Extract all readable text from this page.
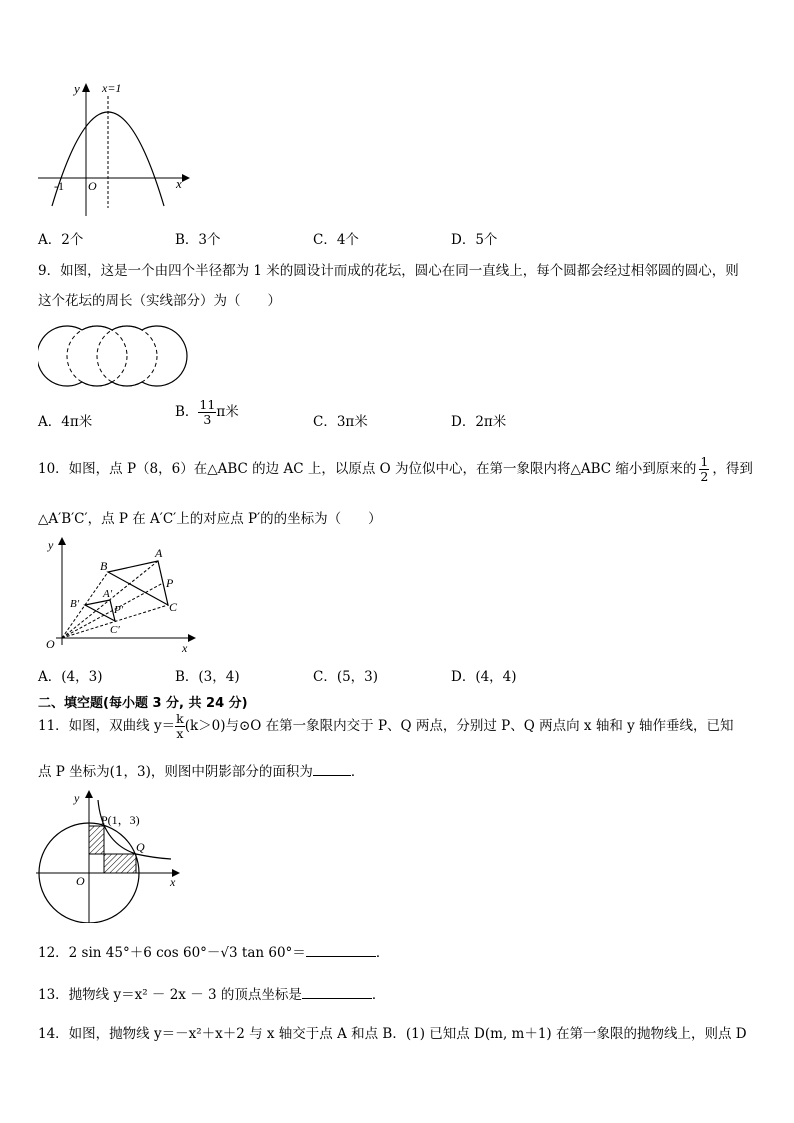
y
x
x=1
O
-1
A．2个	B．3个	C．4个	D．5个
9．如图，这是一个由四个半径都为 1 米的圆设计而成的花坛，圆心在同一直线上，每个圆都会经过相邻圆的圆心，则
这个花坛的周长（实线部分）为（　　）
A．4π米
B． $\frac{11}{3}$ π米
C．3π米	D．2π米
10．如图，点 P（8，6）在△ABC 的边 AC 上，以原点 O 为位似中心，在第一象限内将△ABC 缩小到原来的 $\frac{1}{2}$ ，得到
△A′B′C′，点 P 在 A′C′上的对应点 P′的的坐标为（　　）
A
B
C
P
A′
B′
C′
P′
y
x
O
A．(4，3)	B．(3，4)	C．(5，3)	D．(4，4)
二、填空题(每小题 3 分, 共 24 分)
11．如图，双曲线 $y= \frac{k}{x} (k>0)$与⊙O 在第一象限内交于 P、Q 两点，分别过 P、Q 两点向 x 轴和 y 轴作垂线，已知
点 P 坐标为(1，3)，则图中阴影部分的面积为	．
y
x
O
P(1，3)
Q
12．2 sin 45°＋6 cos 60°－√3 tan 60°＝	．
13．抛物线 y＝x² － 2x － 3 的顶点坐标是	．
14．如图，抛物线 y＝－x²＋x＋2 与 x 轴交于点 A 和点 B．(1) 已知点 D(m, m＋1) 在第一象限的抛物线上，则点 D
